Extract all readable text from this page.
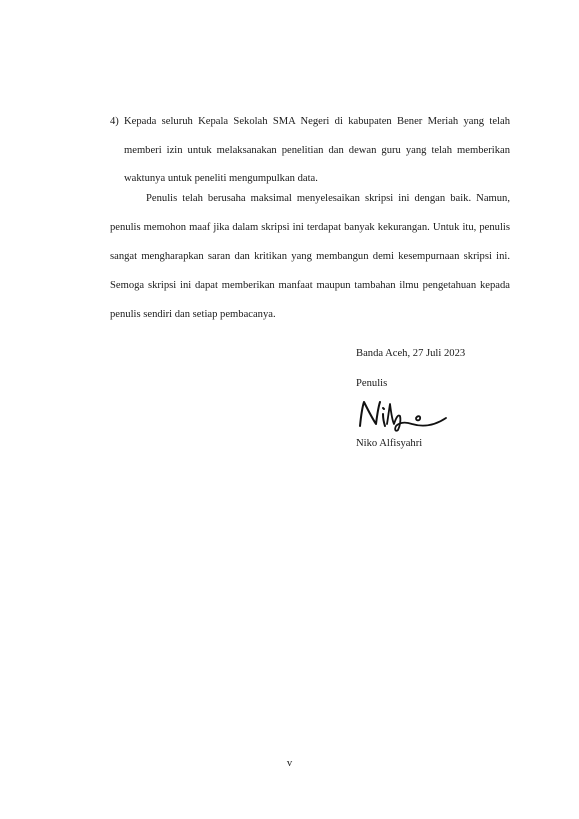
4) Kepada seluruh Kepala Sekolah SMA Negeri di kabupaten Bener Meriah yang telah memberi izin untuk melaksanakan penelitian dan dewan guru yang telah memberikan waktunya untuk peneliti mengumpulkan data.

Penulis telah berusaha maksimal menyelesaikan skripsi ini dengan baik. Namun, penulis memohon maaf jika dalam skripsi ini terdapat banyak kekurangan. Untuk itu, penulis sangat mengharapkan saran dan kritikan yang membangun demi kesempurnaan skripsi ini. Semoga skripsi ini dapat memberikan manfaat maupun tambahan ilmu pengetahuan kepada penulis sendiri dan setiap pembacanya.

Banda Aceh, 27 Juli 2023
Penulis
Niko Alfisyahri
v
